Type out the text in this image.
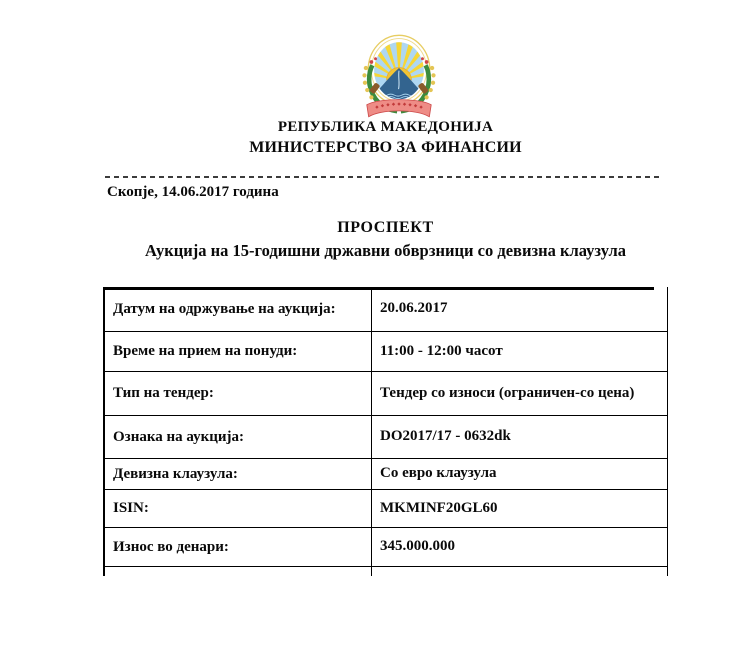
РЕПУБЛИКА МАКЕДОНИЈА
МИНИСТЕРСТВО ЗА ФИНАНСИИ
Скопје, 14.06.2017 година
ПРОСПЕКТ
Аукција на 15-годишни државни обврзници со девизна клаузула
Датум на одржување на аукција:	20.06.2017
Време на прием на понуди:	11:00 - 12:00 часот
Тип на тендер:	Тендер со износи (ограничен-со цена)
Ознака на аукција:	DO2017/17 - 0632dk
Девизна клаузула:	Со евро клаузула
ISIN:	MKMINF20GL60
Износ во денари:	345.000.000
